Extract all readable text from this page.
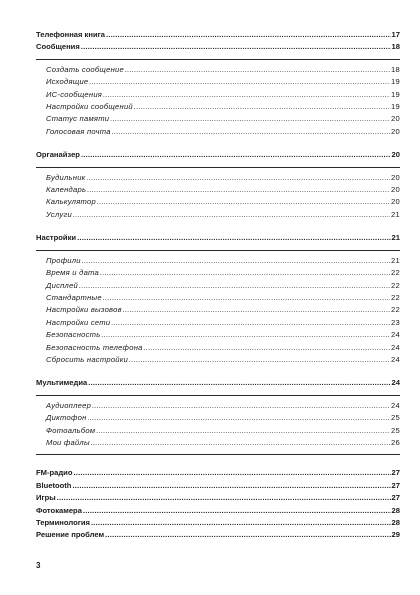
Телефонная книга .....	17
Сообщения .....	18
Создать сообщение .....	18
Исходящие .....	19
ИС-сообщения .....	19
Настройки сообщений .....	19
Статус памяти .....	20
Голосовая почта .....	20
Органайзер .....	20
Будильник .....	20
Календарь .....	20
Калькулятор .....	20
Услуги .....	21
Настройки .....	21
Профили .....	21
Время и дата .....	22
Дисплей .....	22
Стандартные .....	22
Настройки вызовов .....	22
Настройки сети .....	23
Безопасность .....	24
Безопасность телефона .....	24
Сбросить настройки .....	24
Мультимедиа .....	24
Аудиоплеер .....	24
Диктофон .....	25
Фотоальбом .....	25
Мои файлы .....	26
FM-радио .....	27
Bluetooth .....	27
Игры .....	27
Фотокамера .....	28
Терминология .....	28
Решение проблем .....	29
3
